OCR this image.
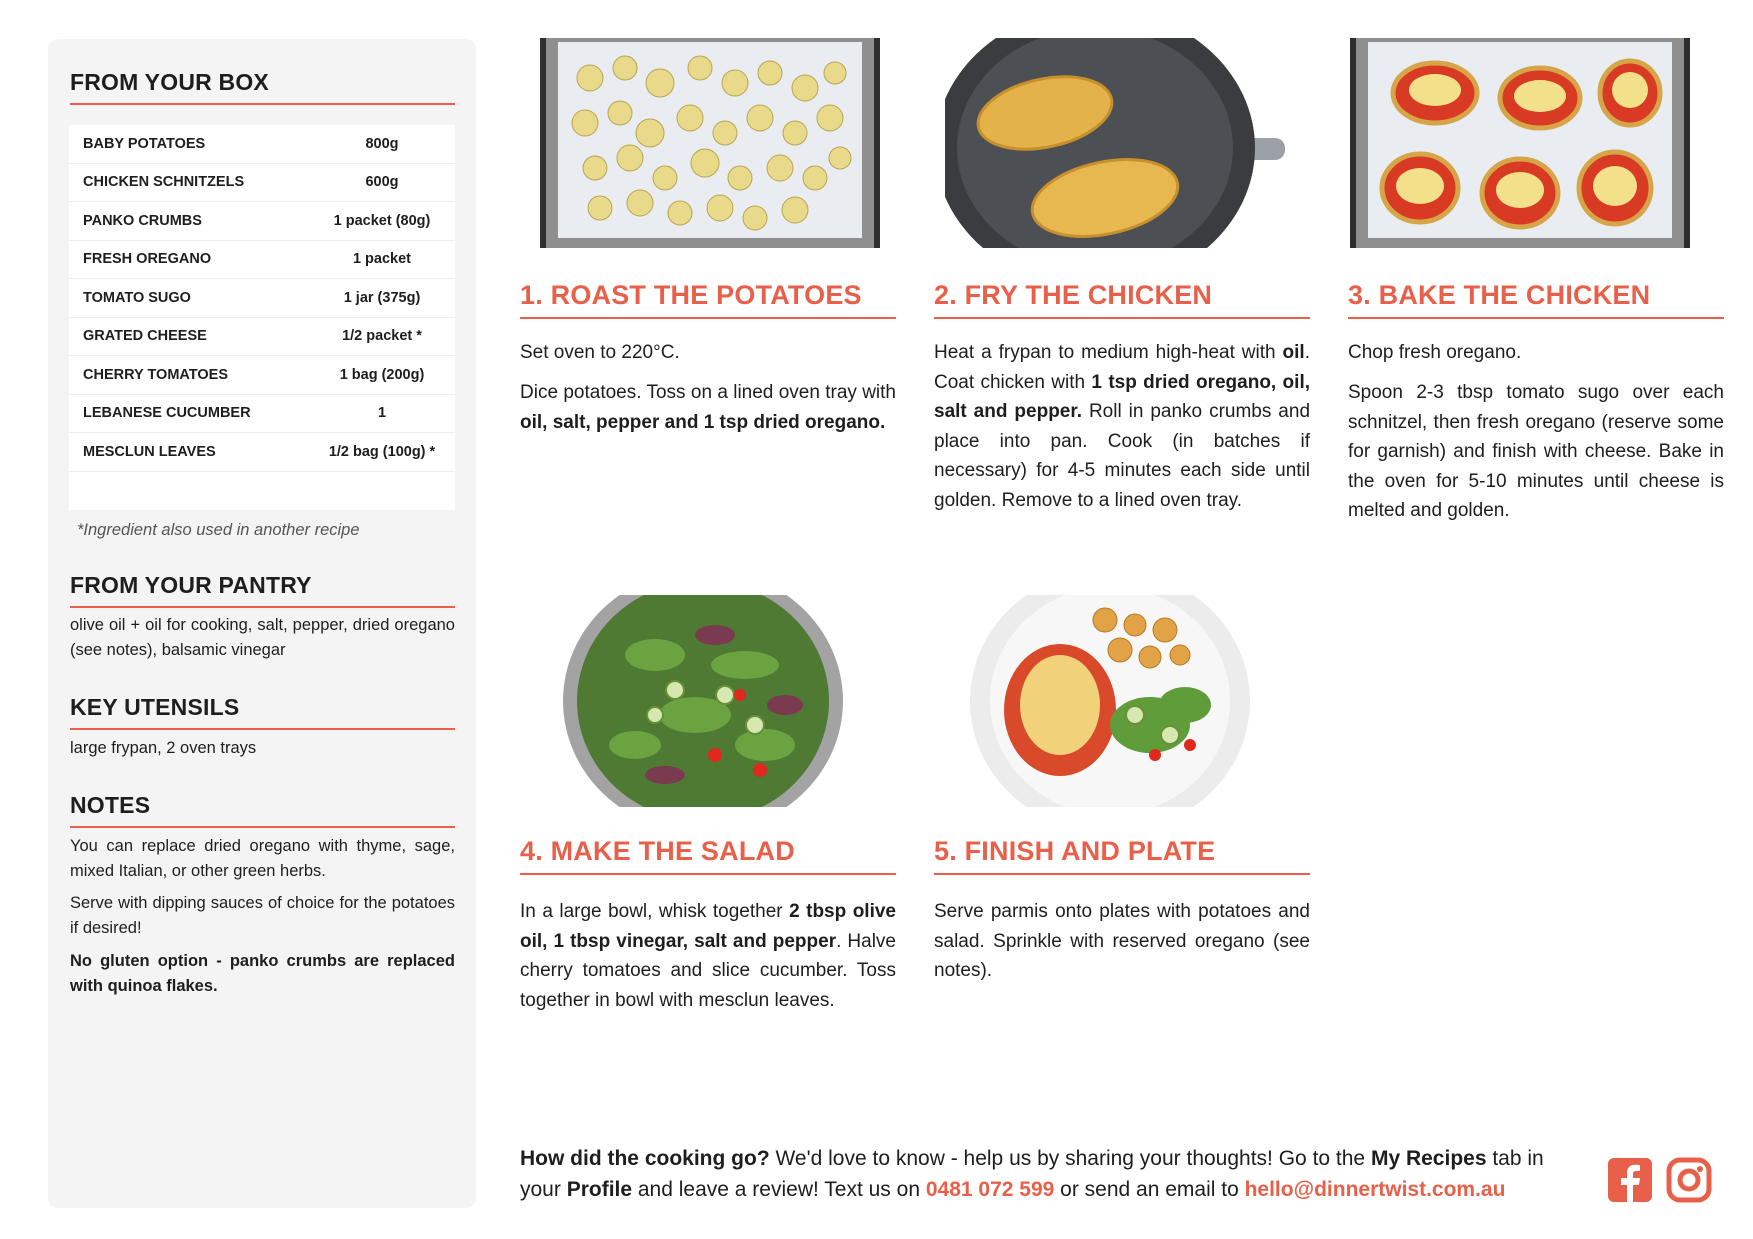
FROM YOUR BOX
BABY POTATOES	800g
CHICKEN SCHNITZELS	600g
PANKO CRUMBS	1 packet (80g)
FRESH OREGANO	1 packet
TOMATO SUGO	1 jar (375g)
GRATED CHEESE	1/2 packet *
CHERRY TOMATOES	1 bag (200g)
LEBANESE CUCUMBER	1
MESCLUN LEAVES	1/2 bag (100g) *
*Ingredient also used in another recipe
FROM YOUR PANTRY

olive oil + oil for cooking, salt, pepper, dried oregano (see notes), balsamic vinegar

KEY UTENSILS

large frypan, 2 oven trays

NOTES

You can replace dried oregano with thyme, sage, mixed Italian, or other green herbs.

Serve with dipping sauces of choice for the potatoes if desired!

No gluten option - panko crumbs are replaced with quinoa flakes.

1. ROAST THE POTATOES

Set oven to 220°C.

Dice potatoes. Toss on a lined oven tray with oil, salt, pepper and 1 tsp dried oregano.

2. FRY THE CHICKEN

Heat a frypan to medium high-heat with oil. Coat chicken with 1 tsp dried oregano, oil, salt and pepper. Roll in panko crumbs and place into pan. Cook (in batches if necessary) for 4-5 minutes each side until golden. Remove to a lined oven tray.

3. BAKE THE CHICKEN

Chop fresh oregano.

Spoon 2-3 tbsp tomato sugo over each schnitzel, then fresh oregano (reserve some for garnish) and finish with cheese. Bake in the oven for 5-10 minutes until cheese is melted and golden.

4. MAKE THE SALAD

In a large bowl, whisk together 2 tbsp olive oil, 1 tbsp vinegar, salt and pepper. Halve cherry tomatoes and slice cucumber. Toss together in bowl with mesclun leaves.

5. FINISH AND PLATE

Serve parmis onto plates with potatoes and salad. Sprinkle with reserved oregano (see notes).

How did the cooking go? We'd love to know - help us by sharing your thoughts! Go to the My Recipes tab in your Profile and leave a review! Text us on 0481 072 599 or send an email to hello@dinnertwist.com.au
